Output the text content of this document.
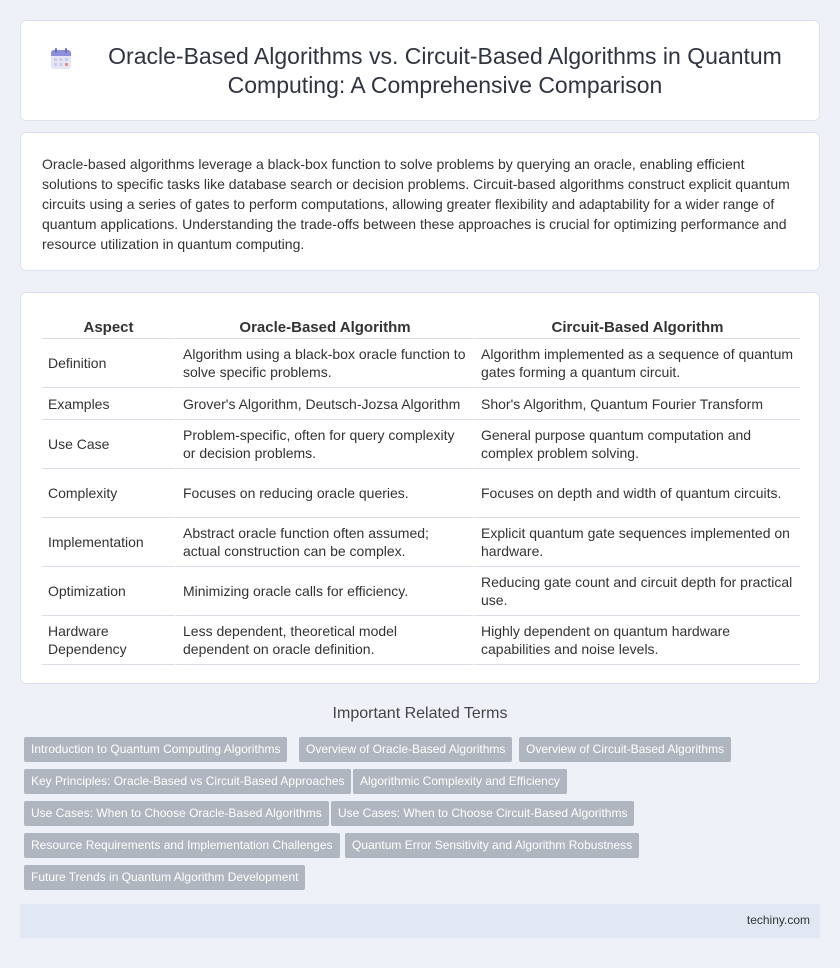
Oracle-Based Algorithms vs. Circuit-Based Algorithms in Quantum Computing: A Comprehensive Comparison

Oracle-based algorithms leverage a black-box function to solve problems by querying an oracle, enabling efficient solutions to specific tasks like database search or decision problems. Circuit-based algorithms construct explicit quantum circuits using a series of gates to perform computations, allowing greater flexibility and adaptability for a wider range of quantum applications. Understanding the trade-offs between these approaches is crucial for optimizing performance and resource utilization in quantum computing.

Aspect	Oracle-Based Algorithm	Circuit-Based Algorithm
Definition	Algorithm using a black-box oracle function to solve specific problems.	Algorithm implemented as a sequence of quantum gates forming a quantum circuit.
Examples	Grover's Algorithm, Deutsch-Jozsa Algorithm	Shor's Algorithm, Quantum Fourier Transform
Use Case	Problem-specific, often for query complexity or decision problems.	General purpose quantum computation and complex problem solving.
Complexity	Focuses on reducing oracle queries.	Focuses on depth and width of quantum circuits.
Implementation	Abstract oracle function often assumed; actual construction can be complex.	Explicit quantum gate sequences implemented on hardware.
Optimization	Minimizing oracle calls for efficiency.	Reducing gate count and circuit depth for practical use.
Hardware Dependency	Less dependent, theoretical model dependent on oracle definition.	Highly dependent on quantum hardware capabilities and noise levels.
Important Related Terms
Introduction to Quantum Computing Algorithms	Overview of Oracle-Based Algorithms	Overview of Circuit-Based Algorithms
Key Principles: Oracle-Based vs Circuit-Based Approaches	Algorithmic Complexity and Efficiency
Use Cases: When to Choose Oracle-Based Algorithms	Use Cases: When to Choose Circuit-Based Algorithms
Resource Requirements and Implementation Challenges	Quantum Error Sensitivity and Algorithm Robustness
Future Trends in Quantum Algorithm Development
techiny.com
